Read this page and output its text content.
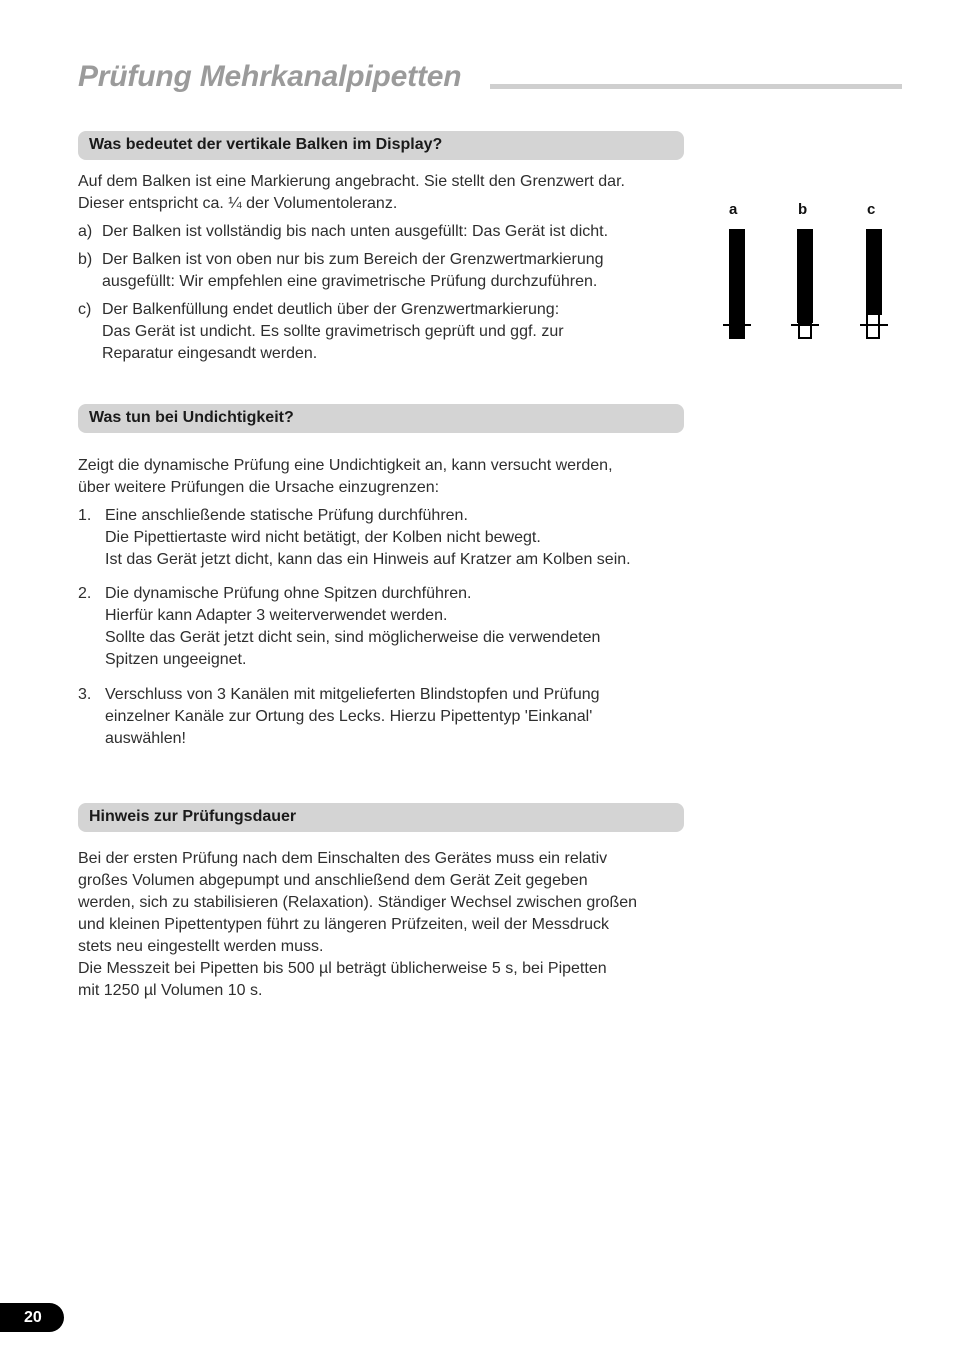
Prüfung Mehrkanalpipetten
Was bedeutet der vertikale Balken im Display?
Auf dem Balken ist eine Markierung angebracht. Sie stellt den Grenzwert dar.
Dieser entspricht ca. ¼ der Volumentoleranz.
a) Der Balken ist vollständig bis nach unten ausgefüllt: Das Gerät ist dicht.
b) Der Balken ist von oben nur bis zum Bereich der Grenzwertmarkierung
ausgefüllt: Wir empfehlen eine gravimetrische Prüfung durchzuführen.
c) Der Balkenfüllung endet deutlich über der Grenzwertmarkierung:
Das Gerät ist undicht. Es sollte gravimetrisch geprüft und ggf. zur
Reparatur eingesandt werden.
a	b	c
Was tun bei Undichtigkeit?
Zeigt die dynamische Prüfung eine Undichtigkeit an, kann versucht werden,
über weitere Prüfungen die Ursache einzugrenzen:
1. Eine anschließende statische Prüfung durchführen.
Die Pipettiertaste wird nicht betätigt, der Kolben nicht bewegt.
Ist das Gerät jetzt dicht, kann das ein Hinweis auf Kratzer am Kolben sein.
2. Die dynamische Prüfung ohne Spitzen durchführen.
Hierfür kann Adapter 3 weiterverwendet werden.
Sollte das Gerät jetzt dicht sein, sind möglicherweise die verwendeten
Spitzen ungeeignet.
3. Verschluss von 3 Kanälen mit mitgelieferten Blindstopfen und Prüfung
einzelner Kanäle zur Ortung des Lecks. Hierzu Pipettentyp 'Einkanal'
auswählen!
Hinweis zur Prüfungsdauer
Bei der ersten Prüfung nach dem Einschalten des Gerätes muss ein relativ
großes Volumen abgepumpt und anschließend dem Gerät Zeit gegeben
werden, sich zu stabilisieren (Relaxation). Ständiger Wechsel zwischen großen
und kleinen Pipettentypen führt zu längeren Prüfzeiten, weil der Messdruck
stets neu eingestellt werden muss.
Die Messzeit bei Pipetten bis 500 µl beträgt üblicherweise 5 s, bei Pipetten
mit 1250 µl Volumen 10 s.
20
